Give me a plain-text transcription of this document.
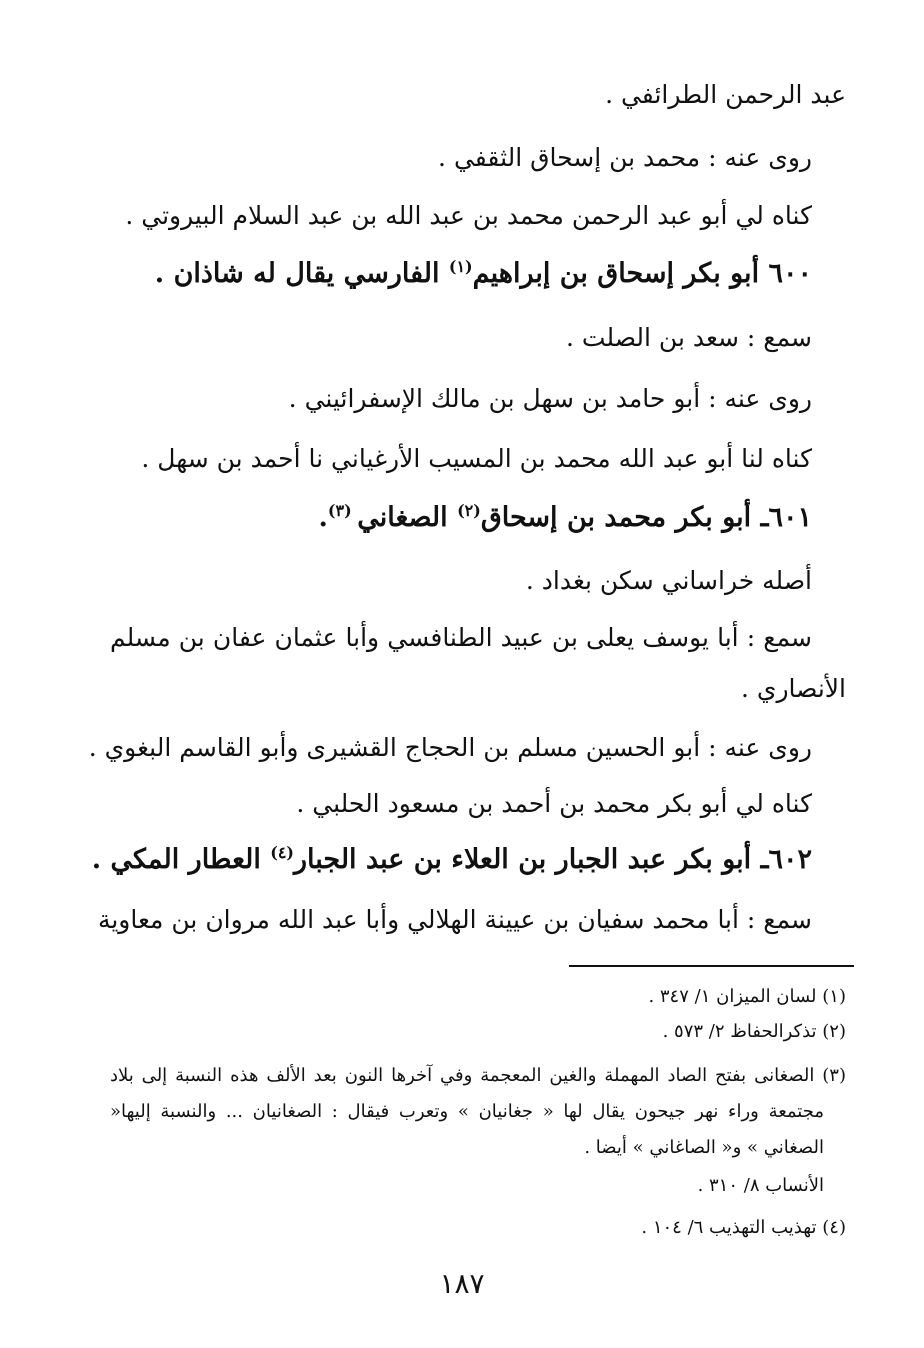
عبد الرحمن الطرائفي .
روى عنه : محمد بن إسحاق الثقفي .
كناه لي أبو عبد الرحمن محمد بن عبد الله بن عبد السلام البيروتي .
٦٠٠ أبو بكر إسحاق بن إبراهيم$^{(١)}$ الفارسي يقال له شاذان .
سمع : سعد بن الصلت .
روى عنه : أبو حامد بن سهل بن مالك الإسفرائيني .
كناه لنا أبو عبد الله محمد بن المسيب الأرغياني نا أحمد بن سهل .
٦٠١ـ أبو بكر محمد بن إسحاق$^{(٢)}$ الصغاني $^{(٣)}$.
أصله خراساني سكن بغداد .
سمع : أبا يوسف يعلى بن عبيد الطنافسي وأبا عثمان عفان بن مسلم
الأنصاري .
روى عنه : أبو الحسين مسلم بن الحجاج القشيرى وأبو القاسم البغوي .
كناه لي أبو بكر محمد بن أحمد بن مسعود الحلبي .
٦٠٢ـ أبو بكر عبد الجبار بن العلاء بن عبد الجبار$^{(٤)}$ العطار المكي .
سمع : أبا محمد سفيان بن عيينة الهلالي وأبا عبد الله مروان بن معاوية
(١) لسان الميزان ١/ ٣٤٧ .
(٢) تذكرالحفاظ ٢/ ٥٧٣ .
(٣) الصغانى بفتح الصاد المهملة والغين المعجمة وفي آخرها النون بعد الألف هذه النسبة إلى بلاد
مجتمعة وراء نهر جيحون يقال لها « جغانيان » وتعرب فيقال : الصغانيان ... والنسبة إليها«
الصغاني » و« الصاغاني » أيضا .
الأنساب ٨/ ٣١٠ .
(٤) تهذيب التهذيب ٦/ ١٠٤ .
١٨٧
